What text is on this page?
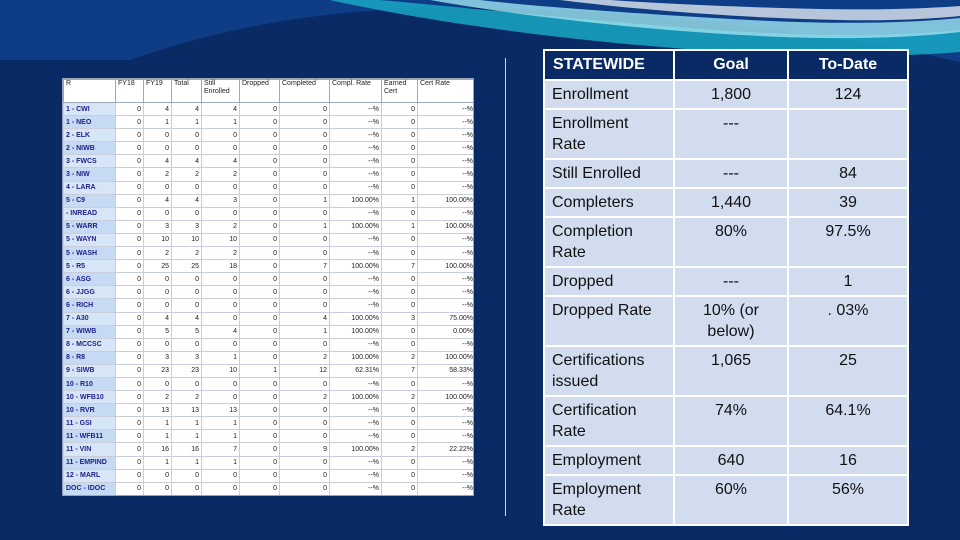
R	FY18	FY19	Total	Still Enrolled	Dropped	Completed	Compl. Rate	Earned Cert	Cert Rate
1 - CWI	0	4	4	4	0	0	--%	0	--%
1 - NEO	0	1	1	1	0	0	--%	0	--%
2 - ELK	0	0	0	0	0	0	--%	0	--%
2 - NIWB	0	0	0	0	0	0	--%	0	--%
3 - FWCS	0	4	4	4	0	0	--%	0	--%
3 - NIW	0	2	2	2	0	0	--%	0	--%
4 - LARA	0	0	0	0	0	0	--%	0	--%
5 - C9	0	4	4	3	0	1	100.00%	1	100.00%
- INREAD	0	0	0	0	0	0	--%	0	--%
5 - WARR	0	3	3	2	0	1	100.00%	1	100.00%
5 - WAYN	0	10	10	10	0	0	--%	0	--%
5 - WASH	0	2	2	2	0	0	--%	0	--%
5 - R5	0	25	25	18	0	7	100.00%	7	100.00%
6 - ASG	0	0	0	0	0	0	--%	0	--%
6 - JJGG	0	0	0	0	0	0	--%	0	--%
6 - RICH	0	0	0	0	0	0	--%	0	--%
7 - A30	0	4	4	0	0	4	100.00%	3	75.00%
7 - WIWB	0	5	5	4	0	1	100.00%	0	0.00%
8 - MCCSC	0	0	0	0	0	0	--%	0	--%
8 - R8	0	3	3	1	0	2	100.00%	2	100.00%
9 - SIWB	0	23	23	10	1	12	62.31%	7	58.33%
10 - R10	0	0	0	0	0	0	--%	0	--%
10 - WFB10	0	2	2	0	0	2	100.00%	2	100.00%
10 - RVR	0	13	13	13	0	0	--%	0	--%
11 - GSI	0	1	1	1	0	0	--%	0	--%
11 - WFB11	0	1	1	1	0	0	--%	0	--%
11 - VIN	0	16	16	7	0	9	100.00%	2	22.22%
11 - EMPIND	0	1	1	1	0	0	--%	0	--%
12 - MARL	0	0	0	0	0	0	--%	0	--%
DOC - IDOC	0	0	0	0	0	0	--%	0	--%
STATEWIDE	Goal	To-Date
Enrollment	1,800	124
Enrollment Rate	---	
Still Enrolled	---	84
Completers	1,440	39
Completion Rate	80%	97.5%
Dropped	---	1
Dropped Rate	10% (or below)	. 03%
Certifications issued	1,065	25
Certification Rate	74%	64.1%
Employment	640	16
Employment Rate	60%	56%
